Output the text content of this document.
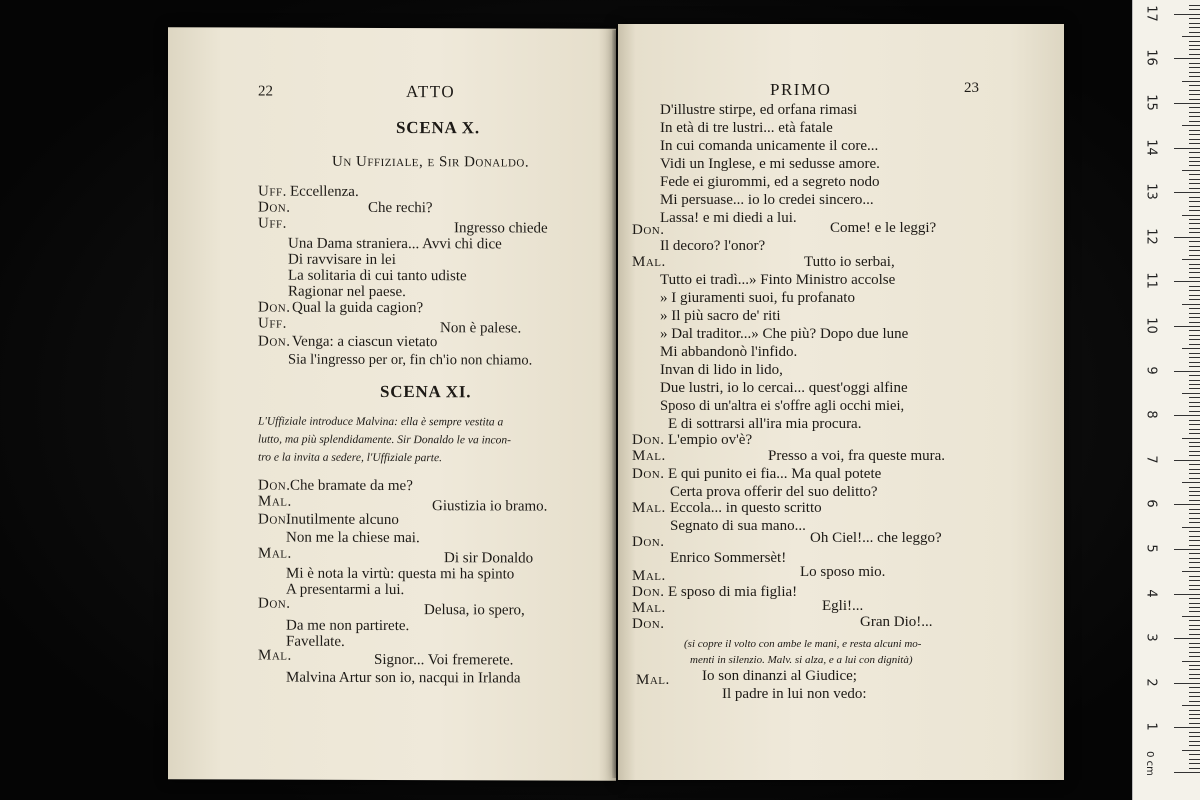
22	ATTO
SCENA X.
Un Uffiziale, e Sir Donaldo.
Uff. Eccellenza.
Don.	Che rechi?
Uff.	Ingresso chiede
Una Dama straniera... Avvi chi dice
Di ravvisare in lei
La solitaria di cui tanto udiste
Ragionar nel paese.
Don. Qual la guida cagion?
Uff.	Non è palese.
Don. Venga: a ciascun vietato
Sia l'ingresso per or, fin ch'io non chiamo.
SCENA XI.
L'Uffiziale introduce Malvina: ella è sempre vestita a
lutto, ma più splendidamente. Sir Donaldo le va incon-
tro e la invita a sedere, l'Uffiziale parte.
Don. Che bramate da me?
Mal.	Giustizia io bramo.
Don.
Inutilmente alcuno
Non me la chiese mai.
Mal.	Di sir Donaldo
Mi è nota la virtù: questa mi ha spinto
A presentarmi a lui.
Don.	Delusa, io spero,
Da me non partirete.
Favellate.
Mal.	Signor... Voi fremerete.
Malvina Artur son io, nacqui in Irlanda
PRIMO	23
D'illustre stirpe, ed orfana rimasi
In età di tre lustri... età fatale
In cui comanda unicamente il core...
Vidi un Inglese, e mi sedusse amore.
Fede ei giurommi, ed a segreto nodo
Mi persuase... io lo credei sincero...
Lassa! e mi diedi a lui.
Don.	Come! e le leggi?
Il decoro? l'onor?
Mal.	Tutto io serbai,
Tutto ei tradì...» Finto Ministro accolse
» I giuramenti suoi, fu profanato
» Il più sacro de' riti
» Dal traditor...» Che più? Dopo due lune
Mi abbandonò l'infido.
Invan di lido in lido,
Due lustri, io lo cercai... quest'oggi alfine
Sposo di un'altra ei s'offre agli occhi miei,
E di sottrarsi all'ira mia procura.
Don. L'empio ov'è?
Mal.	Presso a voi, fra queste mura.
Don. E qui punito ei fia... Ma qual potete
Certa prova offerir del suo delitto?
Mal. Eccola... in questo scritto
Segnato di sua mano...
Don.	Oh Ciel!... che leggo?
Enrico Sommersèt!
Mal.	Lo sposo mio.
Don. E sposo di mia figlia!
Mal.	Egli!...
Don.	Gran Dio!...
(si copre il volto con ambe le mani, e resta alcuni mo-
menti in silenzio. Malv. si alza, e a lui con dignità)
Mal. Io son dinanzi al Giudice;
Il padre in lui non vedo:
0 cm
1
2
3
4
5
6
7
8
9
10
11
12
13
14
15
16
17
